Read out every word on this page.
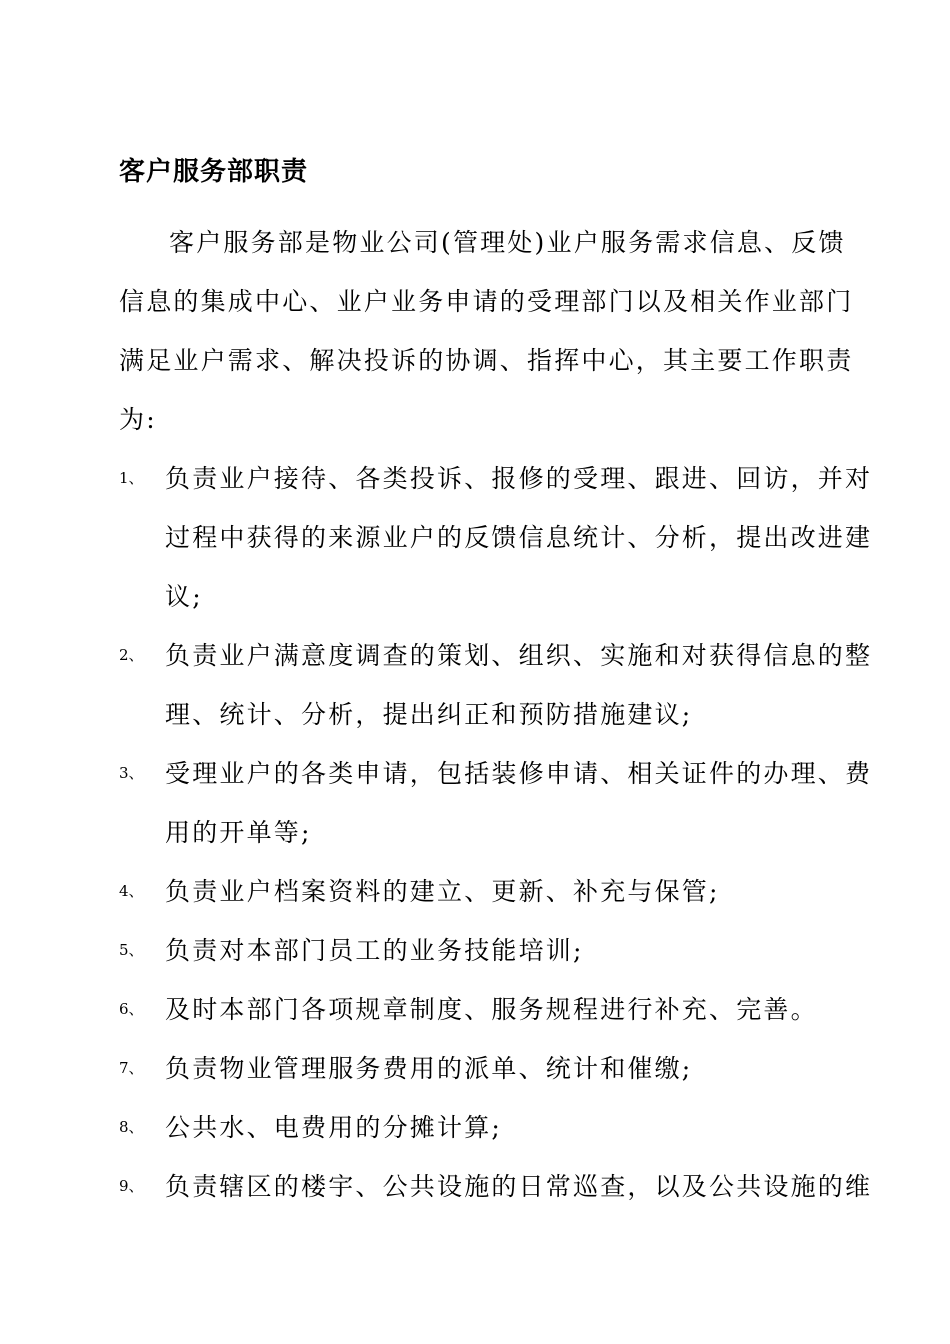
客户服务部职责
客户服务部是物业公司(管理处)业户服务需求信息、反馈
信息的集成中心、业户业务申请的受理部门以及相关作业部门
满足业户需求、解决投诉的协调、指挥中心，其主要工作职责
为:
1、 负责业户接待、各类投诉、报修的受理、跟进、回访，并对
过程中获得的来源业户的反馈信息统计、分析，提出改进建
议;
2、 负责业户满意度调查的策划、组织、实施和对获得信息的整
理、统计、分析，提出纠正和预防措施建议;
3、 受理业户的各类申请，包括装修申请、相关证件的办理、费
用的开单等;
4、 负责业户档案资料的建立、更新、补充与保管;
5、 负责对本部门员工的业务技能培训;
6、 及时本部门各项规章制度、服务规程进行补充、完善。
7、 负责物业管理服务费用的派单、统计和催缴;
8、 公共水、电费用的分摊计算;
9、 负责辖区的楼宇、公共设施的日常巡查，以及公共设施的维
